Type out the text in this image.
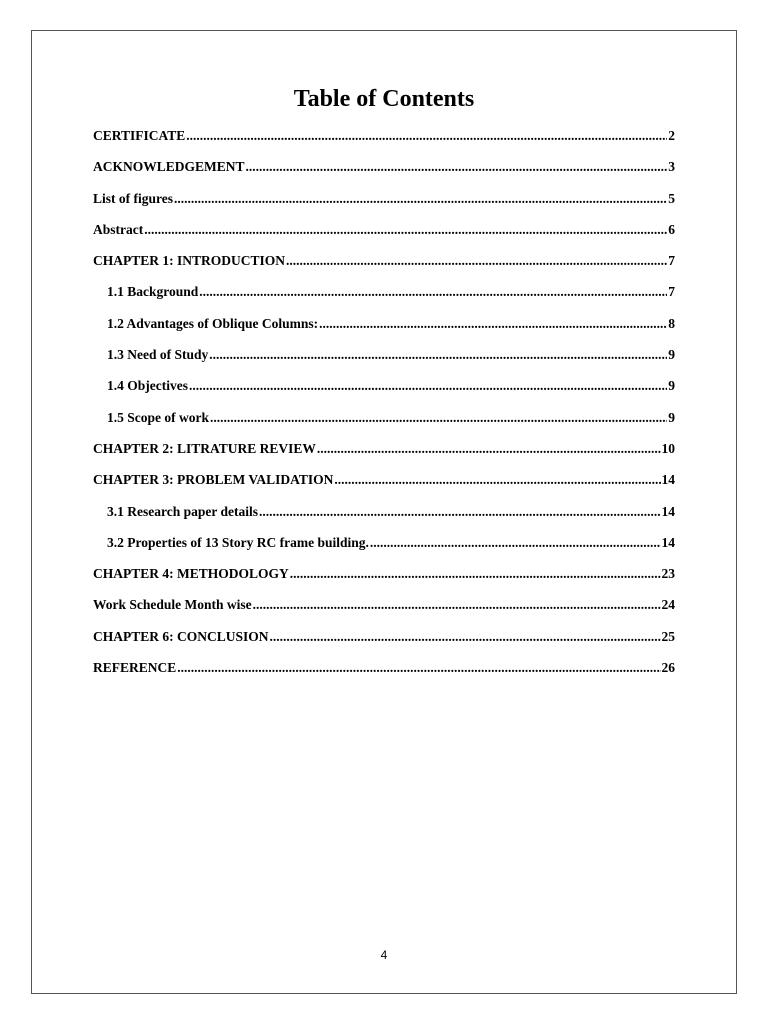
Table of Contents
CERTIFICATE .....	2
ACKNOWLEDGEMENT .....	3
List of figures .....	5
Abstract .....	6
CHAPTER 1: INTRODUCTION .....	7
1.1 Background .....	7
1.2 Advantages of Oblique Columns: .....	8
1.3 Need of Study .....	9
1.4 Objectives .....	9
1.5 Scope of work .....	9
CHAPTER 2: LITRATURE REVIEW .....	10
CHAPTER 3: PROBLEM VALIDATION .....	14
3.1 Research paper details .....	14
3.2 Properties of 13 Story RC frame building. .....	14
CHAPTER 4: METHODOLOGY .....	23
Work Schedule Month wise .....	24
CHAPTER 6: CONCLUSION .....	25
REFERENCE .....	26
4
